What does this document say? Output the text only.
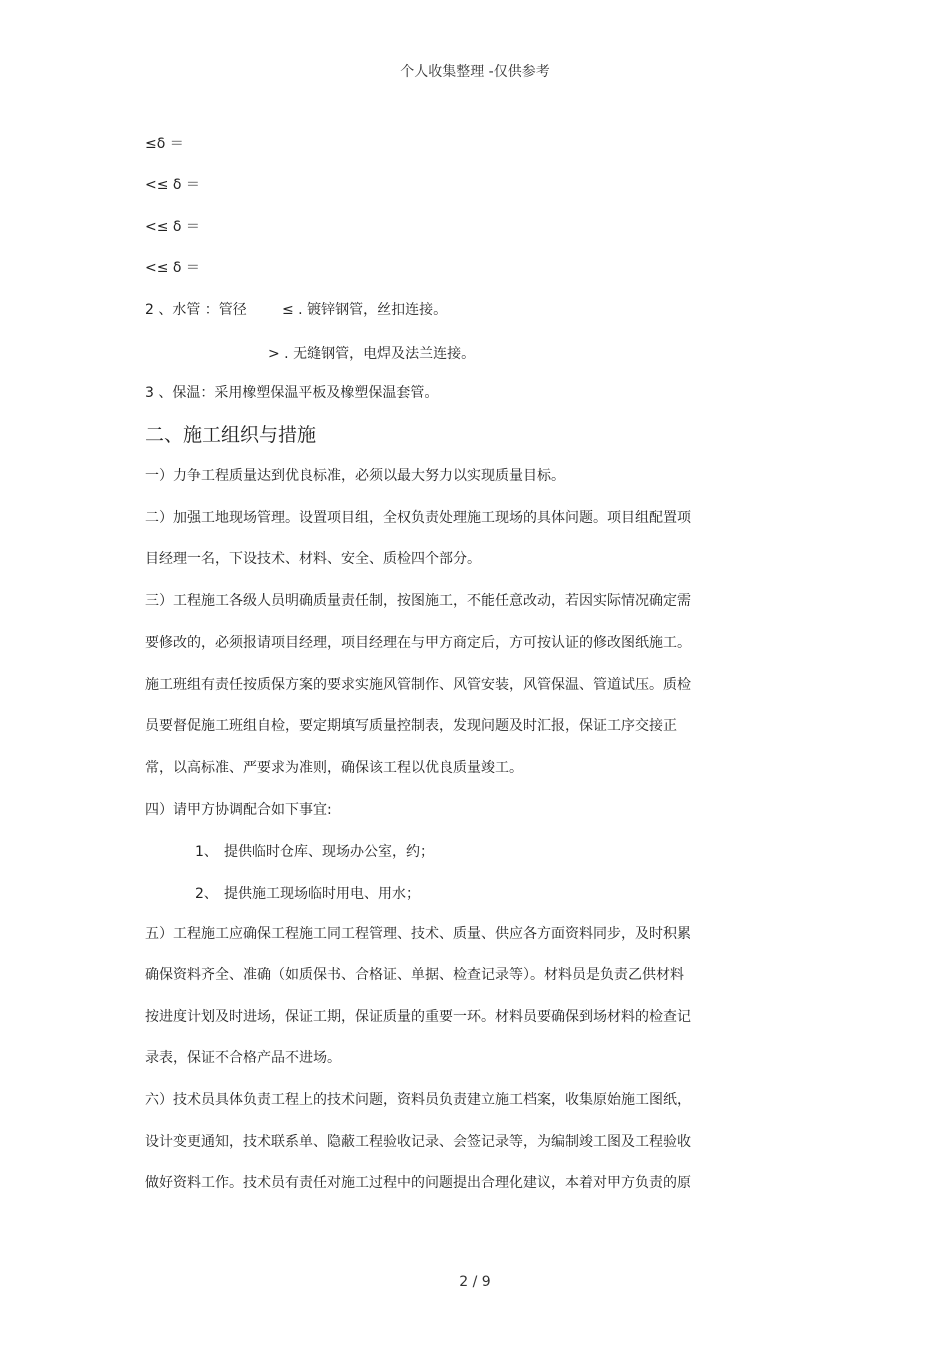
个人收集整理 -仅供参考
≤δ ＝
<≤ δ ＝
<≤ δ ＝
<≤ δ ＝
2 、水管 ：管径	≤ . 镀锌钢管，丝扣连接。
> . 无缝钢管，电焊及法兰连接。
3 、保温：采用橡塑保温平板及橡塑保温套管。
二、施工组织与措施
一）力争工程质量达到优良标准，必须以最大努力以实现质量目标。
二）加强工地现场管理。设置项目组，全权负责处理施工现场的具体问题。项目组配置项
目经理一名，下设技术、材料、安全、质检四个部分。
三）工程施工各级人员明确质量责任制，按图施工，不能任意改动，若因实际情况确定需
要修改的，必须报请项目经理，项目经理在与甲方商定后，方可按认证的修改图纸施工。
施工班组有责任按质保方案的要求实施风管制作、风管安装，风管保温、管道试压。质检
员要督促施工班组自检，要定期填写质量控制表，发现问题及时汇报，保证工序交接正
常，以高标准、严要求为准则，确保该工程以优良质量竣工。
四）请甲方协调配合如下事宜:
1、 提供临时仓库、现场办公室，约；
2、 提供施工现场临时用电、用水；
五）工程施工应确保工程施工同工程管理、技术、质量、供应各方面资料同步，及时积累
确保资料齐全、准确（如质保书、合格证、单据、检查记录等）。材料员是负责乙供材料
按进度计划及时进场，保证工期，保证质量的重要一环。材料员要确保到场材料的检查记
录表，保证不合格产品不进场。
六）技术员具体负责工程上的技术问题，资料员负责建立施工档案，收集原始施工图纸，
设计变更通知，技术联系单、隐蔽工程验收记录、会签记录等，为编制竣工图及工程验收
做好资料工作。技术员有责任对施工过程中的问题提出合理化建议，本着对甲方负责的原
2 / 9
